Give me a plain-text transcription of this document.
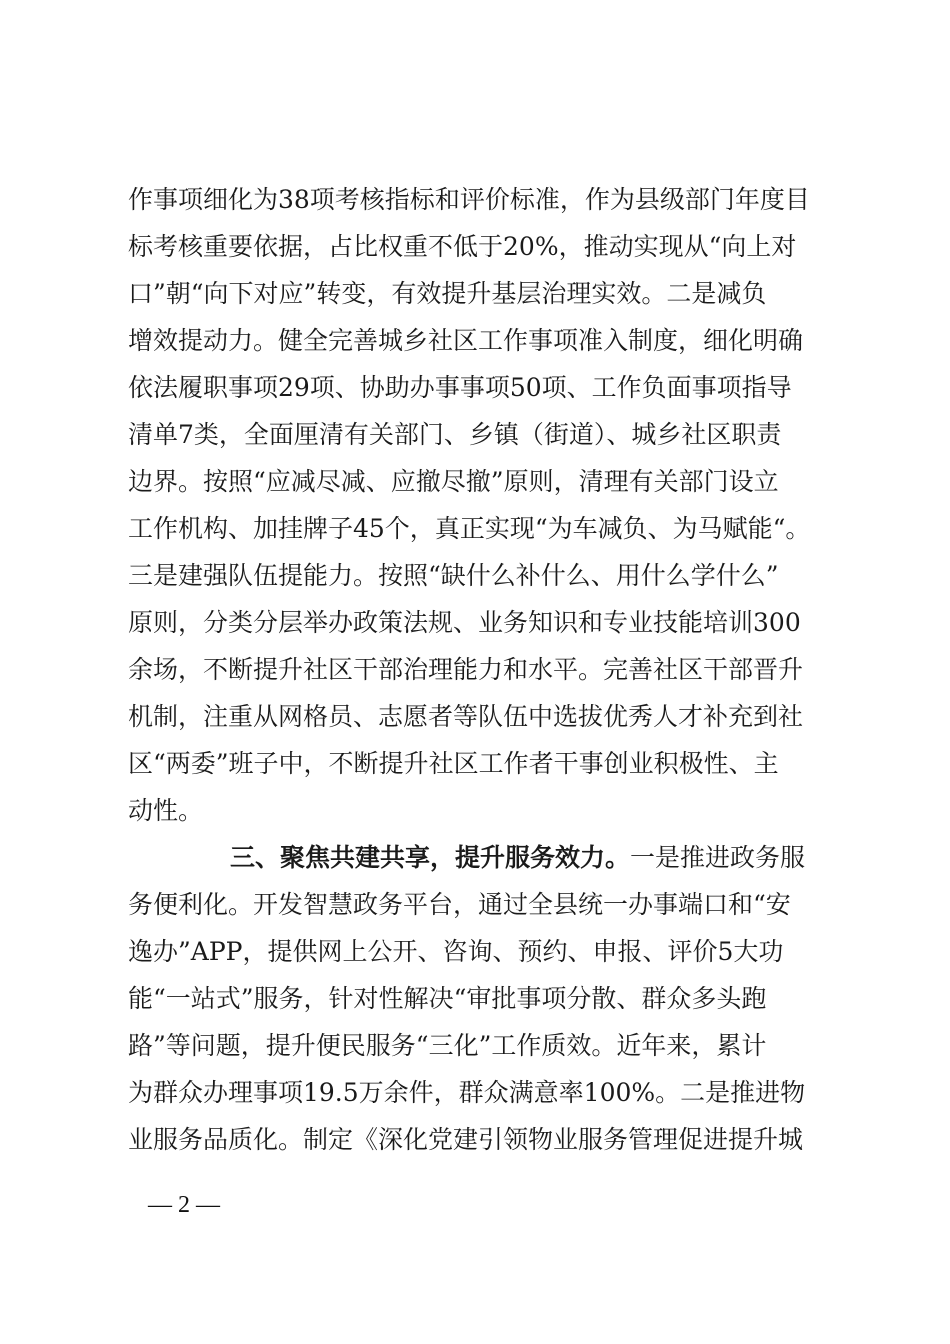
作事项细化为38项考核指标和评价标准，作为县级部门年度目
标考核重要依据，占比权重不低于20%，推动实现从“向上对
口”朝“向下对应”转变，有效提升基层治理实效。二是减负
增效提动力。健全完善城乡社区工作事项准入制度，细化明确
依法履职事项29项、协助办事事项50项、工作负面事项指导
清单7类，全面厘清有关部门、乡镇（街道）、城乡社区职责
边界。按照“应减尽减、应撤尽撤”原则，清理有关部门设立
工作机构、加挂牌子45个，真正实现“为车减负、为马赋能“。
三是建强队伍提能力。按照“缺什么补什么、用什么学什么”
原则，分类分层举办政策法规、业务知识和专业技能培训300
余场，不断提升社区干部治理能力和水平。完善社区干部晋升
机制，注重从网格员、志愿者等队伍中选拔优秀人才补充到社
区“两委”班子中，不断提升社区工作者干事创业积极性、主
动性。
三、聚焦共建共享，提升服务效力。一是推进政务服
务便利化。开发智慧政务平台，通过全县统一办事端口和“安
逸办”APP，提供网上公开、咨询、预约、申报、评价5大功
能“一站式”服务，针对性解决“审批事项分散、群众多头跑
路”等问题，提升便民服务“三化”工作质效。近年来，累计
为群众办理事项19.5万余件，群众满意率100%。二是推进物
业服务品质化。制定《深化党建引领物业服务管理促进提升城
— 2 —
